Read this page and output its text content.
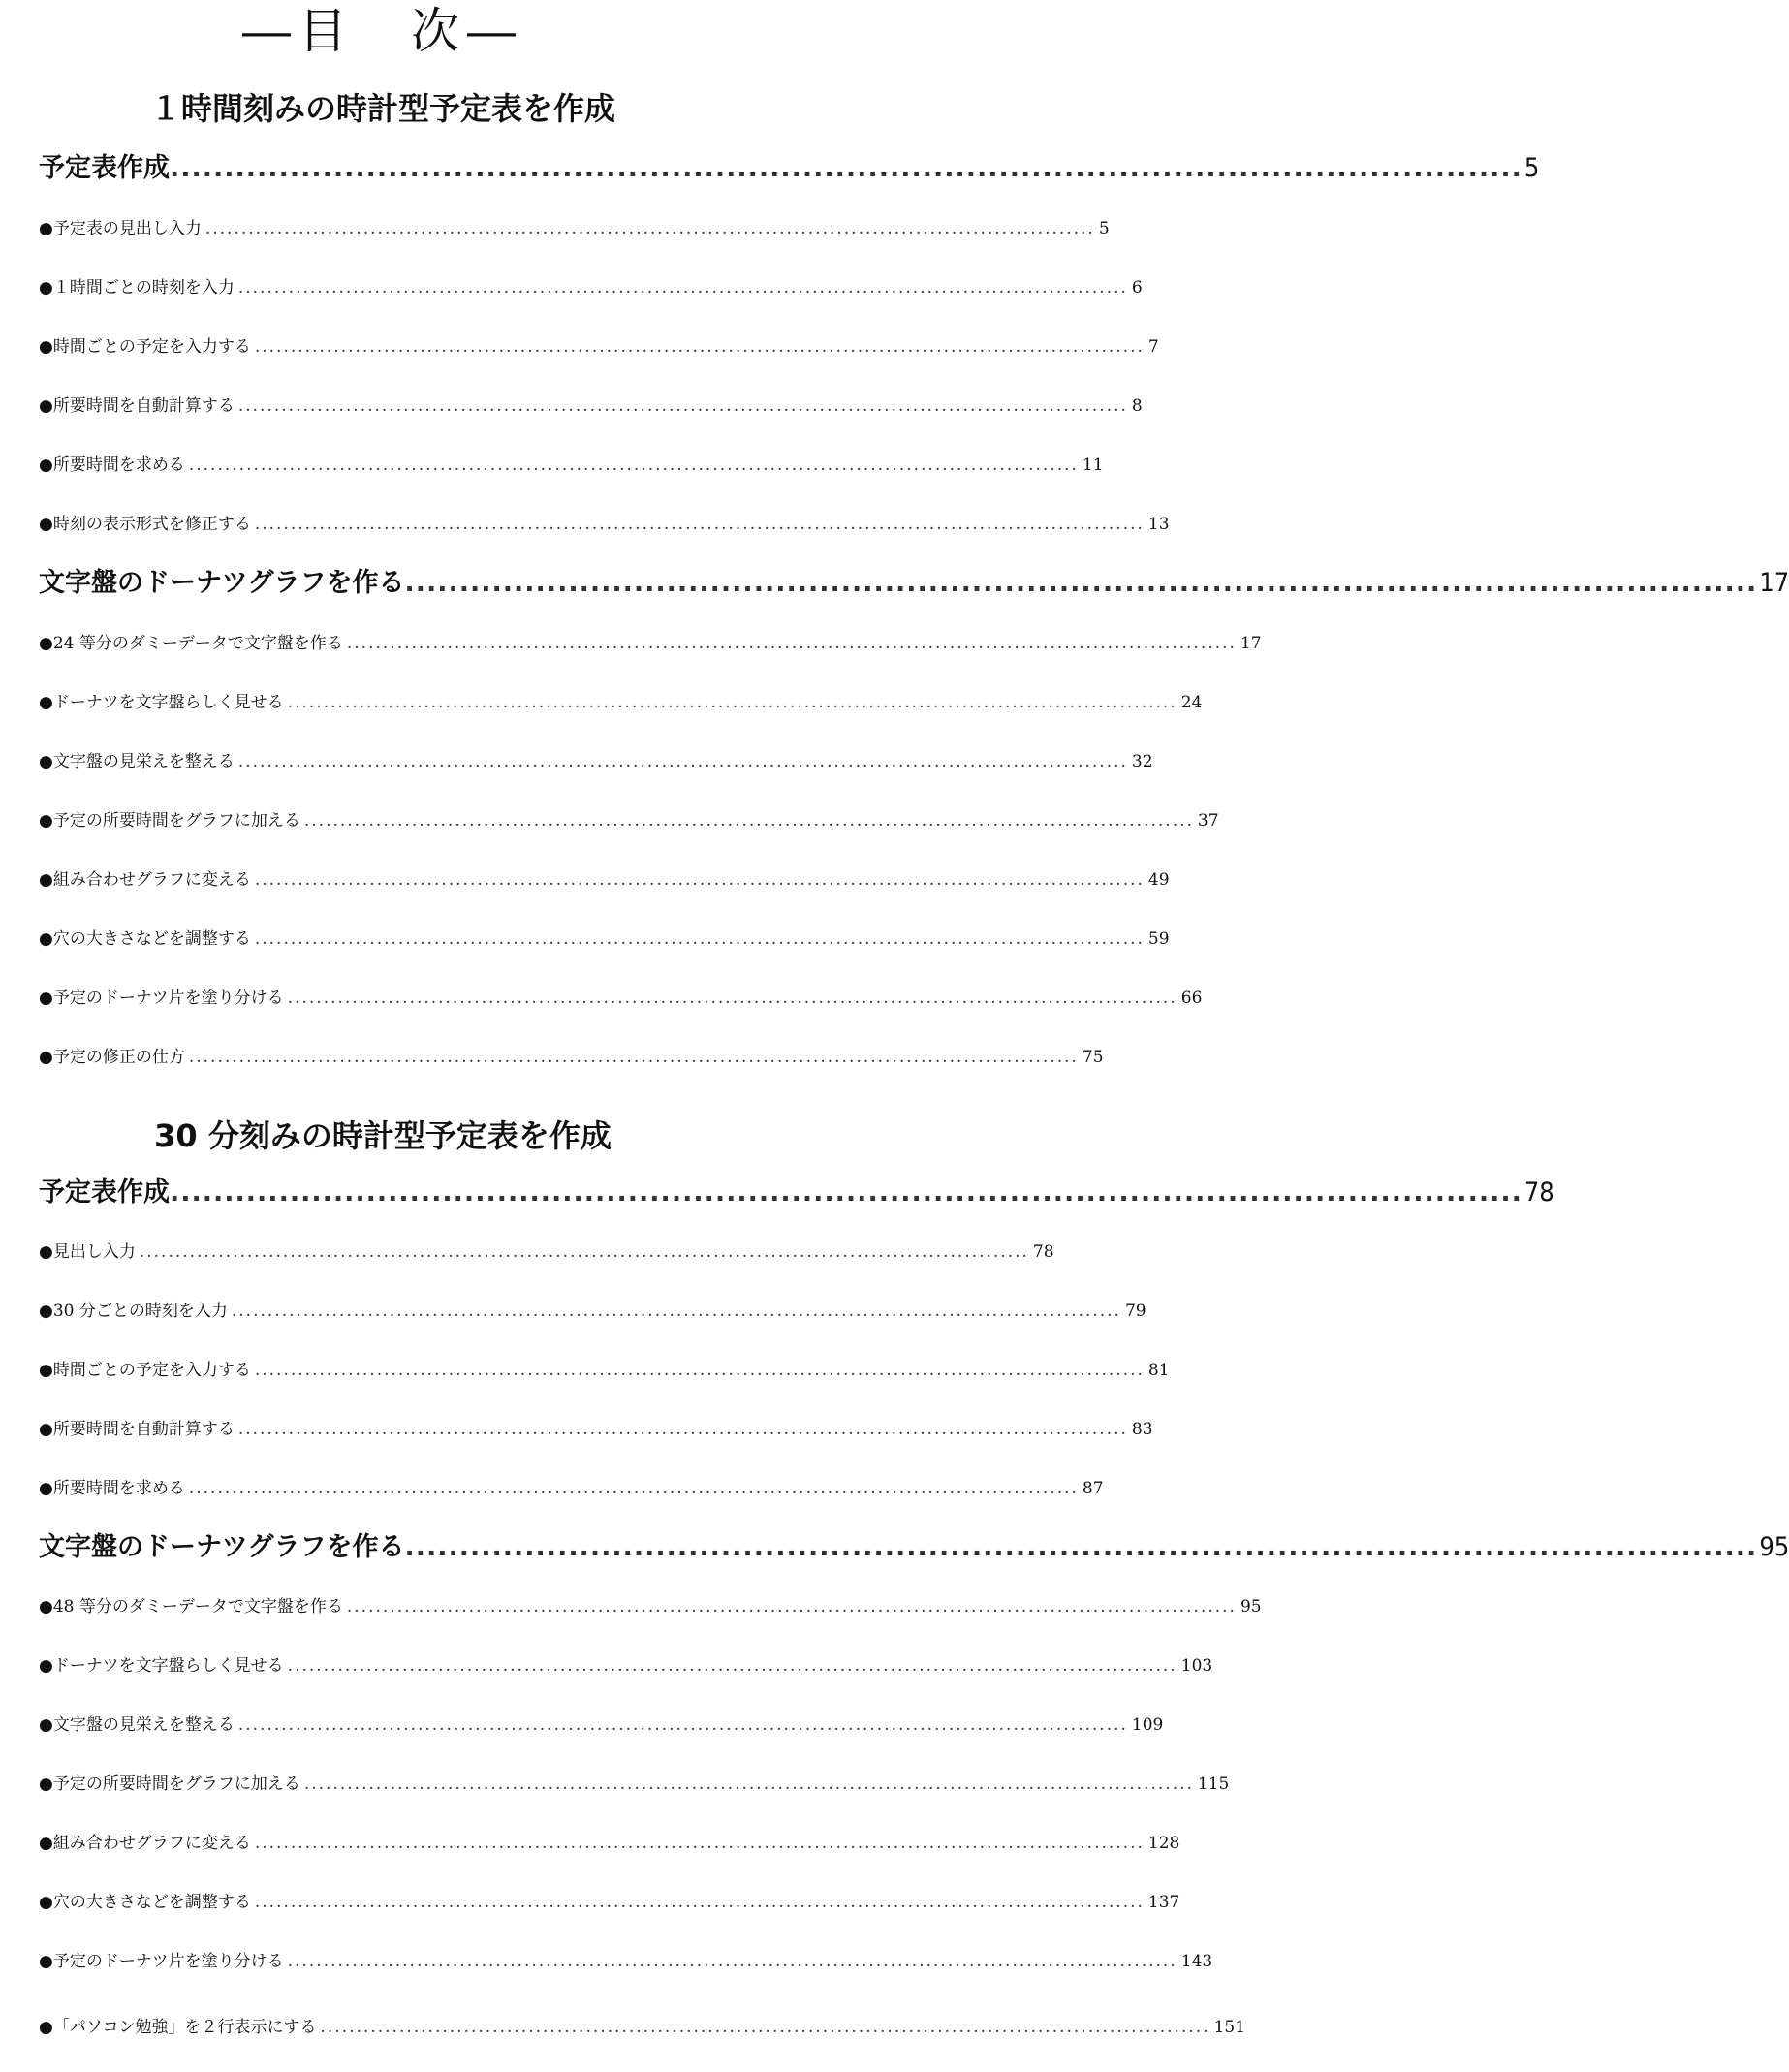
―目　次―
１時間刻みの時計型予定表を作成
予定表作成 ............................................................................................................................ 5
●予定表の見出し入力 ............................................................................................................................ 5
●１時間ごとの時刻を入力 ............................................................................................................................ 6
●時間ごとの予定を入力する ............................................................................................................................ 7
●所要時間を自動計算する ............................................................................................................................ 8
●所要時間を求める ............................................................................................................................ 11
●時刻の表示形式を修正する ............................................................................................................................ 13
文字盤のドーナツグラフを作る ............................................................................................................................ 17
●24 等分のダミーデータで文字盤を作る ............................................................................................................................ 17
●ドーナツを文字盤らしく見せる ............................................................................................................................ 24
●文字盤の見栄えを整える ............................................................................................................................ 32
●予定の所要時間をグラフに加える ............................................................................................................................ 37
●組み合わせグラフに変える ............................................................................................................................ 49
●穴の大きさなどを調整する ............................................................................................................................ 59
●予定のドーナツ片を塗り分ける ............................................................................................................................ 66
●予定の修正の仕方 ............................................................................................................................ 75
30 分刻みの時計型予定表を作成
予定表作成 ............................................................................................................................ 78
●見出し入力 ............................................................................................................................ 78
●30 分ごとの時刻を入力 ............................................................................................................................ 79
●時間ごとの予定を入力する ............................................................................................................................ 81
●所要時間を自動計算する ............................................................................................................................ 83
●所要時間を求める ............................................................................................................................ 87
文字盤のドーナツグラフを作る ............................................................................................................................ 95
●48 等分のダミーデータで文字盤を作る ............................................................................................................................ 95
●ドーナツを文字盤らしく見せる ............................................................................................................................ 103
●文字盤の見栄えを整える ............................................................................................................................ 109
●予定の所要時間をグラフに加える ............................................................................................................................ 115
●組み合わせグラフに変える ............................................................................................................................ 128
●穴の大きさなどを調整する ............................................................................................................................ 137
●予定のドーナツ片を塗り分ける ............................................................................................................................ 143
●「パソコン勉強」を２行表示にする ............................................................................................................................ 151
